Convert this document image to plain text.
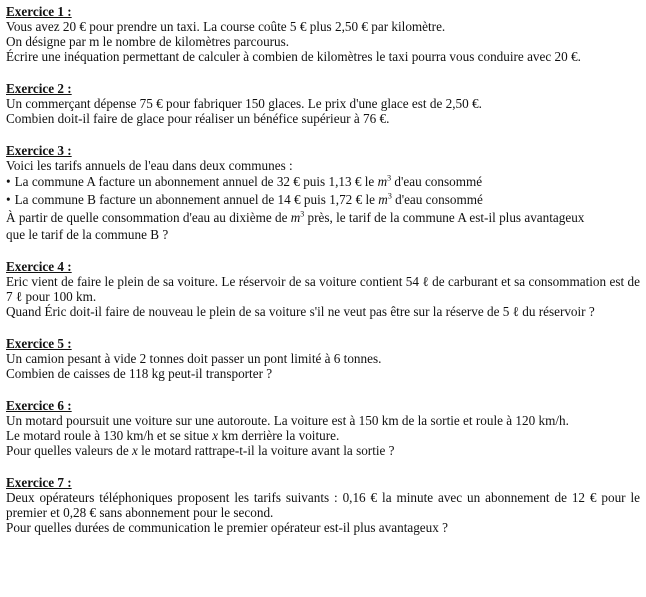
Exercice 1 :

Vous avez 20 € pour prendre un taxi. La course coûte 5 € plus 2,50 € par kilomètre.

On désigne par m le nombre de kilomètres parcourus.

Écrire une inéquation permettant de calculer à combien de kilomètres le taxi pourra vous conduire avec 20 €.

Exercice 2 :

Un commerçant dépense 75 € pour fabriquer 150 glaces. Le prix d'une glace est de 2,50 €.

Combien doit-il faire de glace pour réaliser un bénéfice supérieur à 76 €.

Exercice 3 :

Voici les tarifs annuels de l'eau dans deux communes :

• La commune A facture un abonnement annuel de 32 € puis 1,13 € le $m^3$ d'eau consommé

• La commune B facture un abonnement annuel de 14 € puis 1,72 € le $m^3$ d'eau consommé

À partir de quelle consommation d'eau au dixième de $m^3$ près, le tarif de la commune A est-il plus avantageux

que le tarif de la commune B ?

Exercice 4 :

Eric vient de faire le plein de sa voiture. Le réservoir de sa voiture contient 54 ℓ de carburant et sa consommation est de 7 ℓ pour 100 km.

Quand Éric doit-il faire de nouveau le plein de sa voiture s'il ne veut pas être sur la réserve de 5 ℓ du réservoir ?

Exercice 5 :

Un camion pesant à vide 2 tonnes doit passer un pont limité à 6 tonnes.

Combien de caisses de 118 kg peut-il transporter ?

Exercice 6 :

Un motard poursuit une voiture sur une autoroute. La voiture est à 150 km de la sortie et roule à 120 km/h.

Le motard roule à 130 km/h et se situe x km derrière la voiture.

Pour quelles valeurs de x le motard rattrape-t-il la voiture avant la sortie ?

Exercice 7 :

Deux opérateurs téléphoniques proposent les tarifs suivants : 0,16 € la minute avec un abonnement de 12 € pour le premier et 0,28 € sans abonnement pour le second.

Pour quelles durées de communication le premier opérateur est-il plus avantageux ?
